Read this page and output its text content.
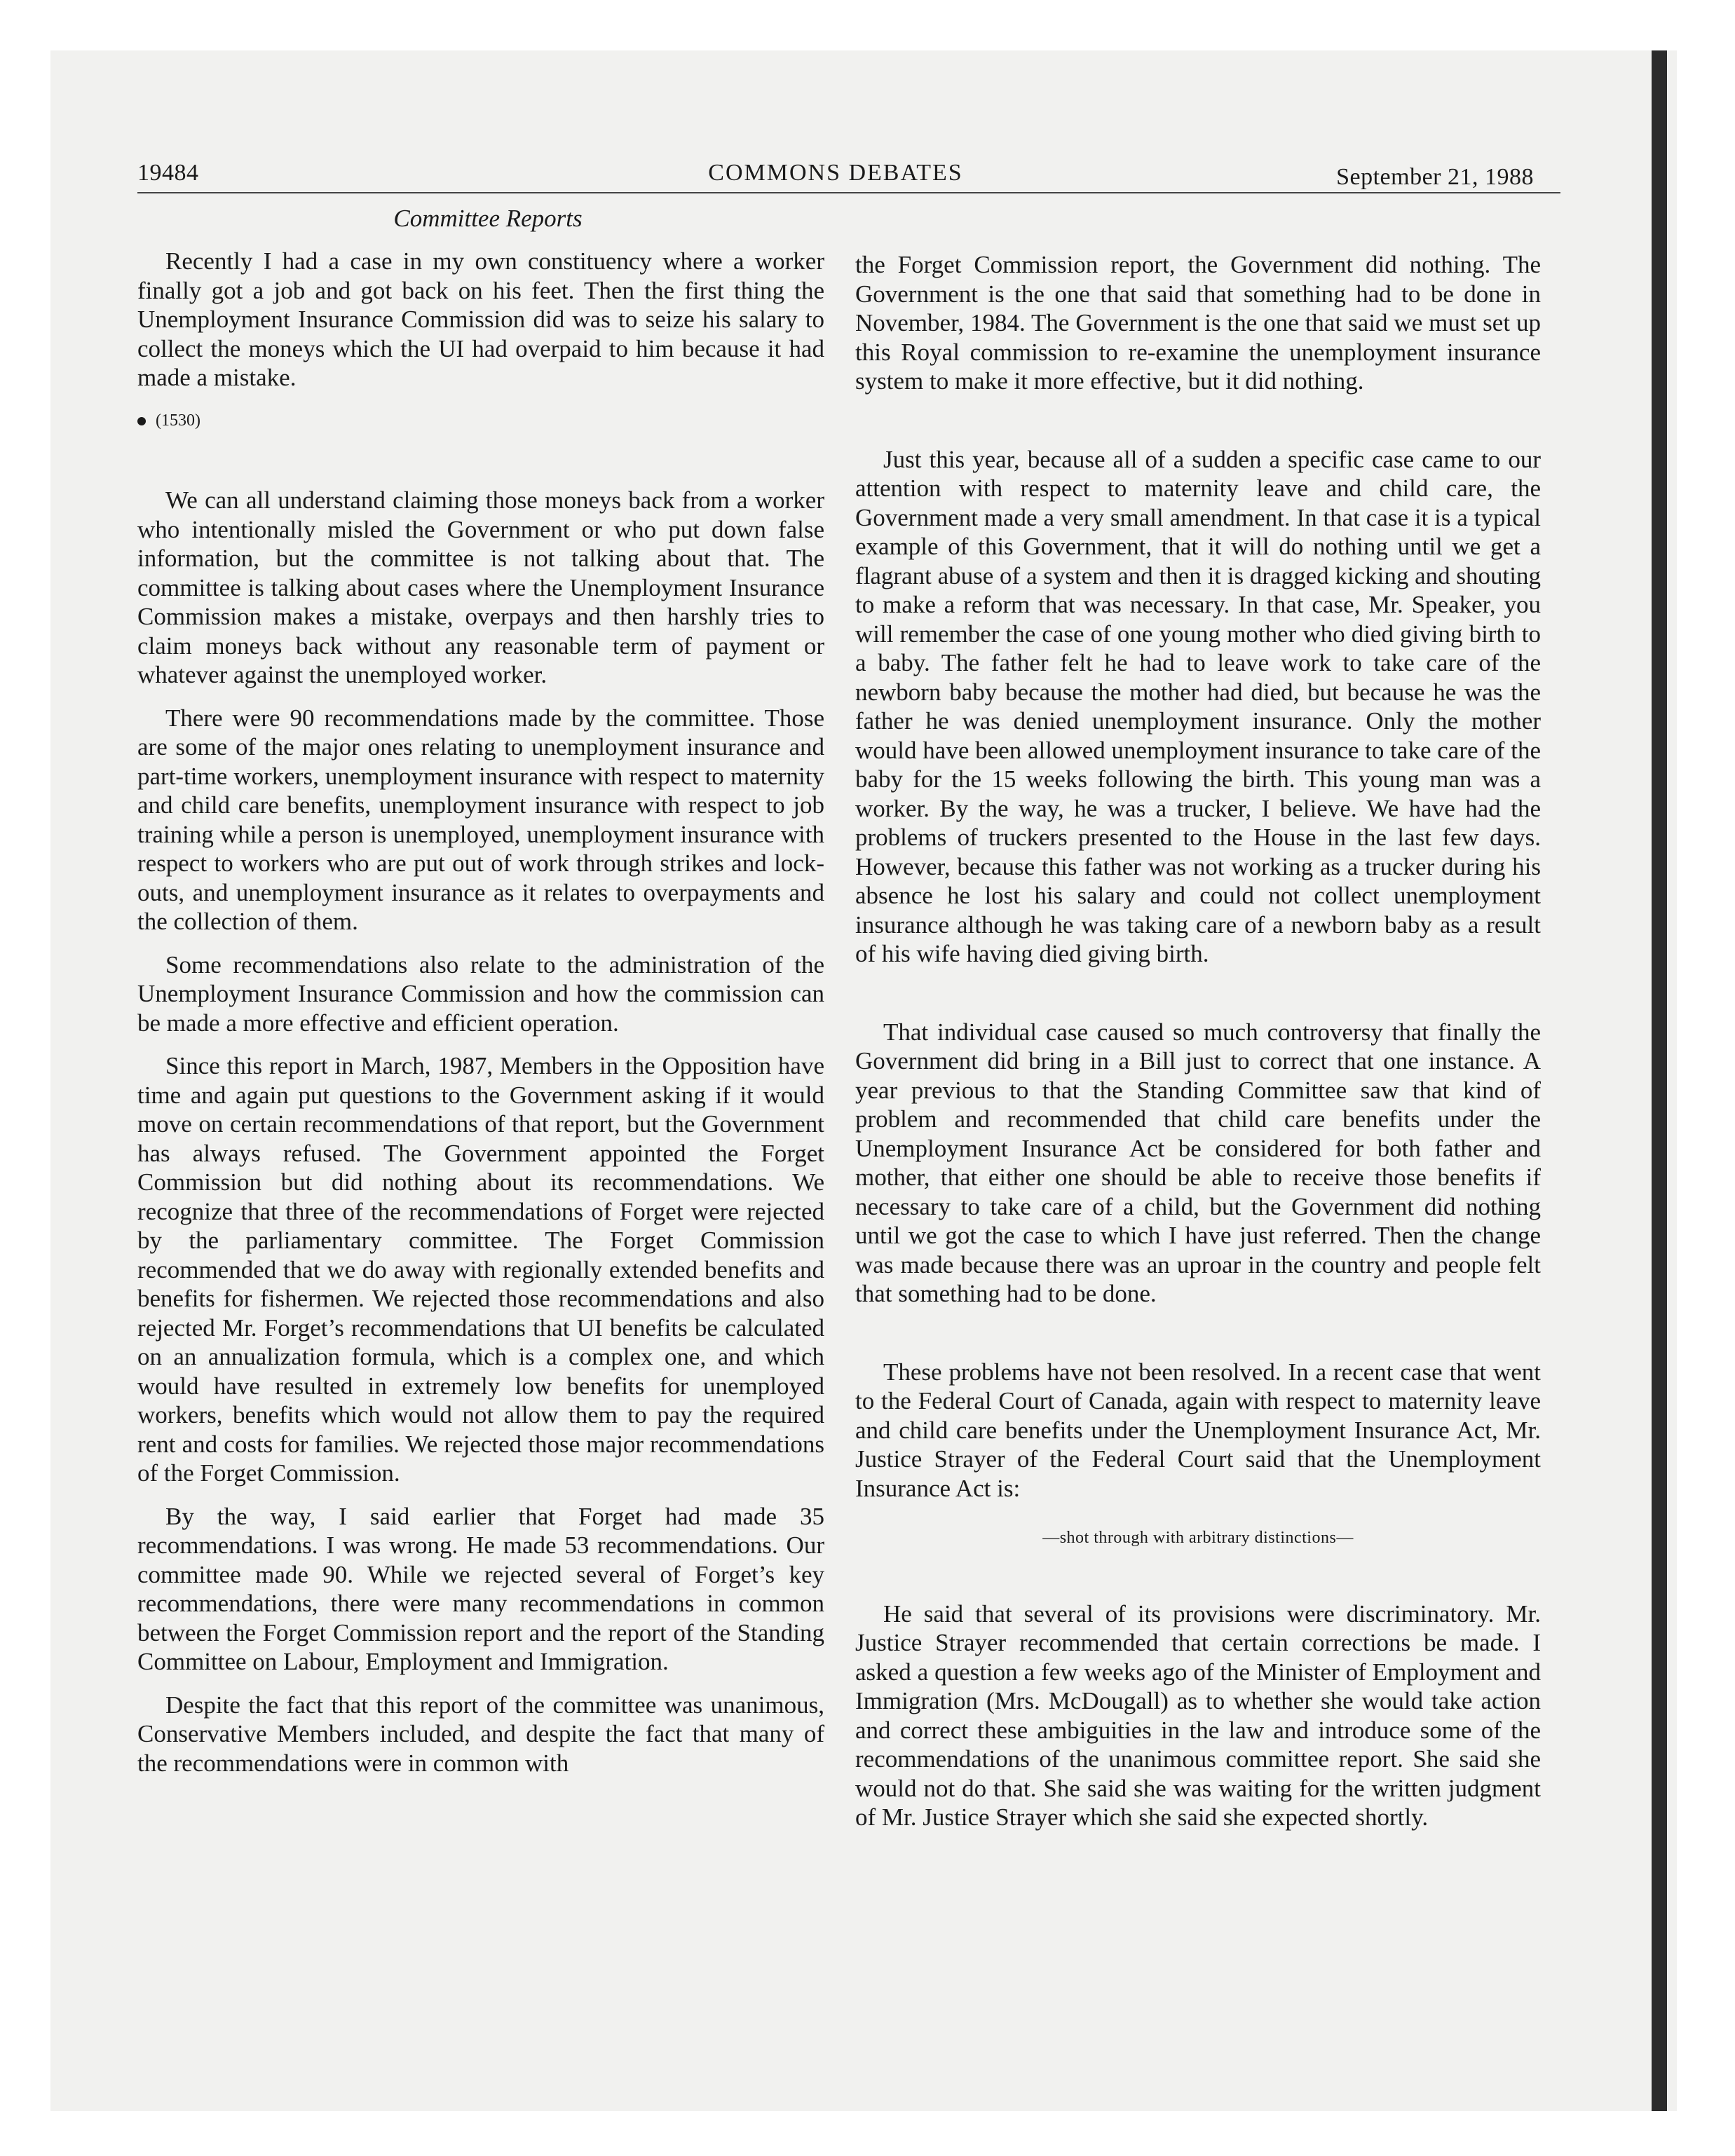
19484	COMMONS DEBATES	September 21, 1988
Committee Reports

Recently I had a case in my own constituency where a worker finally got a job and got back on his feet. Then the first thing the Unemployment Insurance Commission did was to seize his salary to collect the moneys which the UI had overpaid to him because it had made a mistake.

(1530)

We can all understand claiming those moneys back from a worker who intentionally misled the Government or who put down false information, but the committee is not talking about that. The committee is talking about cases where the Unemployment Insurance Commission makes a mistake, overpays and then harshly tries to claim moneys back without any reasonable term of payment or whatever against the unemployed worker.

There were 90 recommendations made by the committee. Those are some of the major ones relating to unemployment insurance and part-time workers, unemployment insurance with respect to maternity and child care benefits, unemployment insurance with respect to job training while a person is unemployed, unemployment insurance with respect to workers who are put out of work through strikes and lock-outs, and unemployment insurance as it relates to overpayments and the collection of them.

Some recommendations also relate to the administration of the Unemployment Insurance Commission and how the commission can be made a more effective and efficient operation.

Since this report in March, 1987, Members in the Opposition have time and again put questions to the Government asking if it would move on certain recommendations of that report, but the Government has always refused. The Government appointed the Forget Commission but did nothing about its recommendations. We recognize that three of the recommendations of Forget were rejected by the parliamentary committee. The Forget Commission recommended that we do away with regionally extended benefits and benefits for fishermen. We rejected those recommendations and also rejected Mr. Forget’s recommendations that UI benefits be calculated on an annualization formula, which is a complex one, and which would have resulted in extremely low benefits for unemployed workers, benefits which would not allow them to pay the required rent and costs for families. We rejected those major recommendations of the Forget Commission.

By the way, I said earlier that Forget had made 35 recommendations. I was wrong. He made 53 recommendations. Our committee made 90. While we rejected several of Forget’s key recommendations, there were many recommendations in common between the Forget Commission report and the report of the Standing Committee on Labour, Employment and Immigration.

Despite the fact that this report of the committee was unanimous, Conservative Members included, and despite the fact that many of the recommendations were in common with

the Forget Commission report, the Government did nothing. The Government is the one that said that something had to be done in November, 1984. The Government is the one that said we must set up this Royal commission to re-examine the unemployment insurance system to make it more effective, but it did nothing.

Just this year, because all of a sudden a specific case came to our attention with respect to maternity leave and child care, the Government made a very small amendment. In that case it is a typical example of this Government, that it will do nothing until we get a flagrant abuse of a system and then it is dragged kicking and shouting to make a reform that was necessary. In that case, Mr. Speaker, you will remember the case of one young mother who died giving birth to a baby. The father felt he had to leave work to take care of the newborn baby because the mother had died, but because he was the father he was denied unemployment insurance. Only the mother would have been allowed unemployment insurance to take care of the baby for the 15 weeks following the birth. This young man was a worker. By the way, he was a trucker, I believe. We have had the problems of truckers presented to the House in the last few days. However, because this father was not working as a trucker during his absence he lost his salary and could not collect unemployment insurance although he was taking care of a newborn baby as a result of his wife having died giving birth.

That individual case caused so much controversy that finally the Government did bring in a Bill just to correct that one instance. A year previous to that the Standing Committee saw that kind of problem and recommended that child care benefits under the Unemployment Insurance Act be considered for both father and mother, that either one should be able to receive those benefits if necessary to take care of a child, but the Government did nothing until we got the case to which I have just referred. Then the change was made because there was an uproar in the country and people felt that something had to be done.

These problems have not been resolved. In a recent case that went to the Federal Court of Canada, again with respect to maternity leave and child care benefits under the Unemployment Insurance Act, Mr. Justice Strayer of the Federal Court said that the Unemployment Insurance Act is:

—shot through with arbitrary distinctions—

He said that several of its provisions were discriminatory. Mr. Justice Strayer recommended that certain corrections be made. I asked a question a few weeks ago of the Minister of Employment and Immigration (Mrs. McDougall) as to whether she would take action and correct these ambiguities in the law and introduce some of the recommendations of the unanimous committee report. She said she would not do that. She said she was waiting for the written judgment of Mr. Justice Strayer which she said she expected shortly.
